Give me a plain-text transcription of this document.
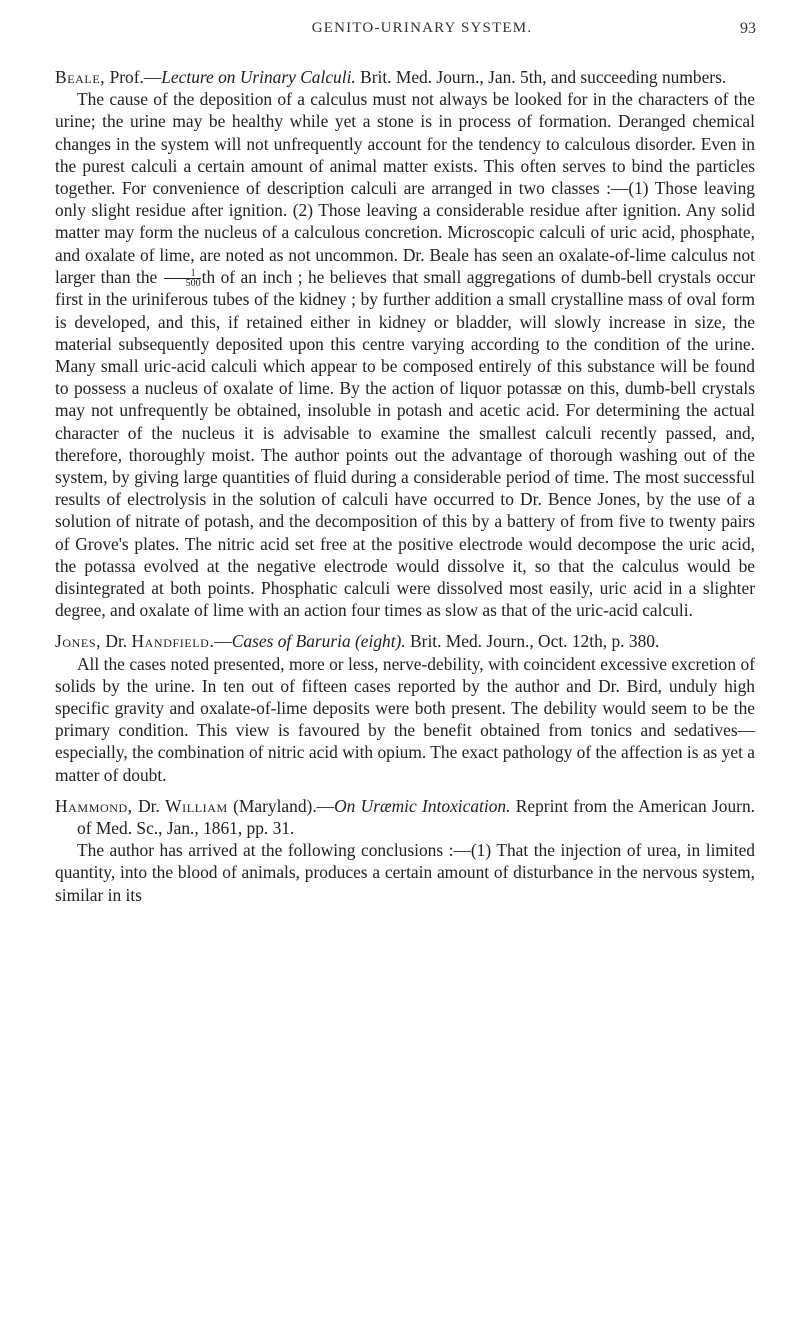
GENITO-URINARY SYSTEM.	93
Beale, Prof.—Lecture on Urinary Calculi. Brit. Med. Journ., Jan. 5th, and succeeding numbers.
The cause of the deposition of a calculus must not always be looked for in the characters of the urine; the urine may be healthy while yet a stone is in process of formation. Deranged chemical changes in the system will not unfrequently account for the tendency to calculous disorder. Even in the purest calculi a certain amount of animal matter exists. This often serves to bind the particles together. For convenience of description calculi are arranged in two classes :—(1) Those leaving only slight residue after ignition. (2) Those leaving a considerable residue after ignition. Any solid matter may form the nucleus of a calculous concretion. Microscopic calculi of uric acid, phosphate, and oxalate of lime, are noted as not uncommon. Dr. Beale has seen an oxalate-of-lime calculus not larger than the $\frac{1}{500}$ th of an inch ; he believes that small aggregations of dumb-bell crystals occur first in the uriniferous tubes of the kidney ; by further addition a small crystalline mass of oval form is developed, and this, if retained either in kidney or bladder, will slowly increase in size, the material subsequently deposited upon this centre varying according to the condition of the urine. Many small uric-acid calculi which appear to be composed entirely of this substance will be found to possess a nucleus of oxalate of lime. By the action of liquor potassæ on this, dumb-bell crystals may not unfrequently be obtained, insoluble in potash and acetic acid. For determining the actual character of the nucleus it is advisable to examine the smallest calculi recently passed, and, therefore, thoroughly moist. The author points out the advantage of thorough washing out of the system, by giving large quantities of fluid during a considerable period of time. The most successful results of electrolysis in the solution of calculi have occurred to Dr. Bence Jones, by the use of a solution of nitrate of potash, and the decomposition of this by a battery of from five to twenty pairs of Grove's plates. The nitric acid set free at the positive electrode would decompose the uric acid, the potassa evolved at the negative electrode would dissolve it, so that the calculus would be disintegrated at both points. Phosphatic calculi were dissolved most easily, uric acid in a slighter degree, and oxalate of lime with an action four times as slow as that of the uric-acid calculi.
Jones, Dr. Handfield.—Cases of Baruria (eight). Brit. Med. Journ., Oct. 12th, p. 380.
All the cases noted presented, more or less, nerve-debility, with coincident excessive excretion of solids by the urine. In ten out of fifteen cases reported by the author and Dr. Bird, unduly high specific gravity and oxalate-of-lime deposits were both present. The debility would seem to be the primary condition. This view is favoured by the benefit obtained from tonics and sedatives—especially, the combination of nitric acid with opium. The exact pathology of the affection is as yet a matter of doubt.
Hammond, Dr. William (Maryland).—On Uræmic Intoxication. Reprint from the American Journ. of Med. Sc., Jan., 1861, pp. 31.
The author has arrived at the following conclusions :—(1) That the injection of urea, in limited quantity, into the blood of animals, produces a certain amount of disturbance in the nervous system, similar in its
